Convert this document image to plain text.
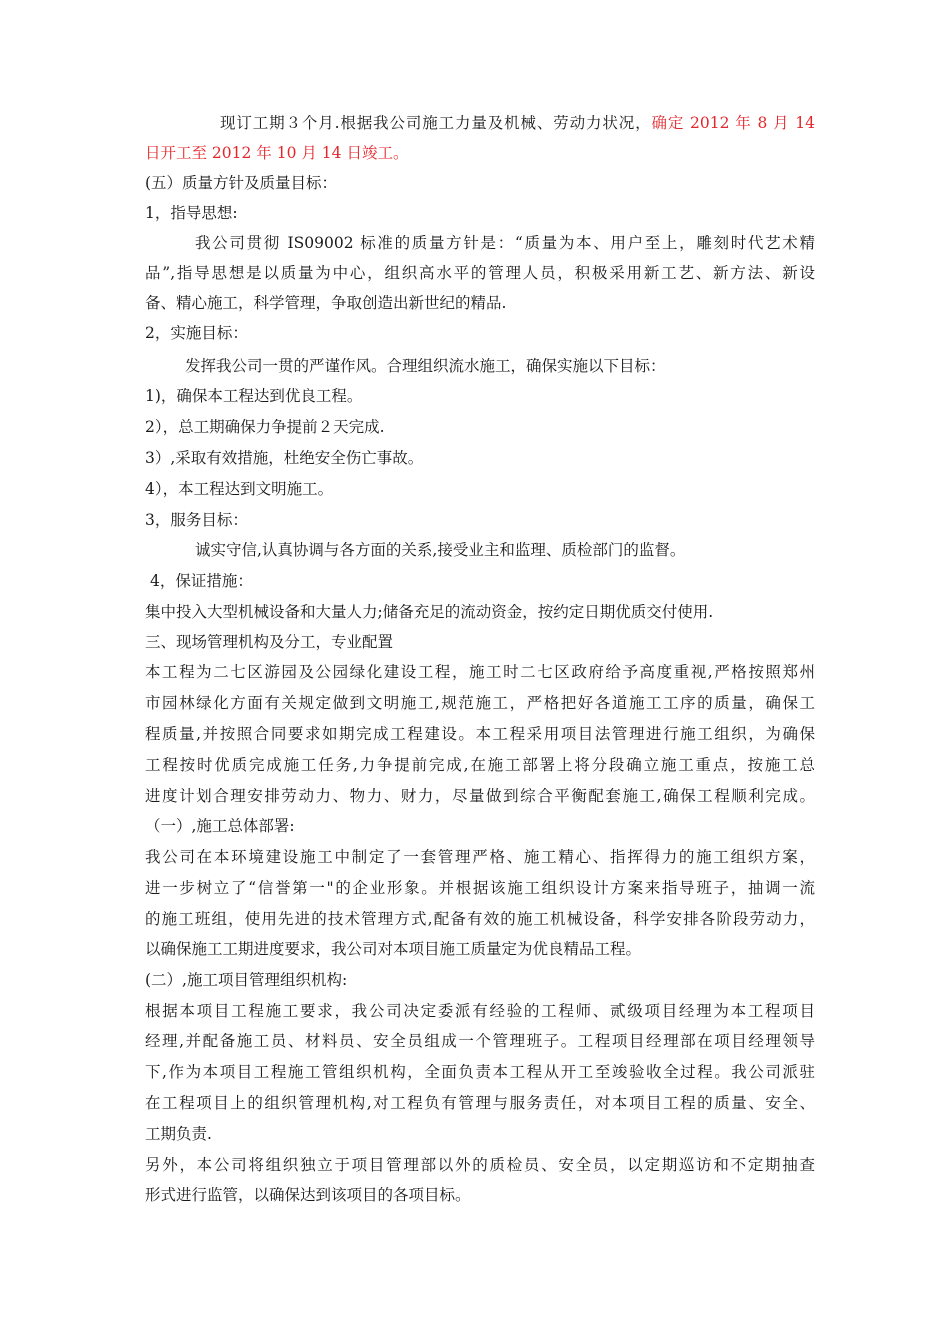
现订工期３个月.根据我公司施工力量及机械、劳动力状况，确定 2012 年 8 月 14
日开工至 2012 年 10 月 14 日竣工。
(五）质量方针及质量目标：
1，指导思想:
我公司贯彻 IS09002 标准的质量方针是：“质量为本、用户至上，雕刻时代艺术精
品”,指导思想是以质量为中心，组织高水平的管理人员，积极采用新工艺、新方法、新设
备、精心施工，科学管理，争取创造出新世纪的精品.
2，实施目标：
发挥我公司一贯的严谨作风。合理组织流水施工，确保实施以下目标：
1)，确保本工程达到优良工程。
2），总工期确保力争提前２天完成.
3）,采取有效措施，杜绝安全伤亡事故。
4），本工程达到文明施工。
3，服务目标：
诚实守信,认真协调与各方面的关系,接受业主和监理、质检部门的监督。
4，保证措施：
集中投入大型机械设备和大量人力;储备充足的流动资金，按约定日期优质交付使用.
三、现场管理机构及分工，专业配置
本工程为二七区游园及公园绿化建设工程，施工时二七区政府给予高度重视,严格按照郑州
市园林绿化方面有关规定做到文明施工,规范施工，严格把好各道施工工序的质量，确保工
程质量,并按照合同要求如期完成工程建设。本工程采用项目法管理进行施工组织，为确保
工程按时优质完成施工任务,力争提前完成,在施工部署上将分段确立施工重点，按施工总
进度计划合理安排劳动力、物力、财力，尽量做到综合平衡配套施工,确保工程顺利完成。
（一）,施工总体部署:
我公司在本环境建设施工中制定了一套管理严格、施工精心、指挥得力的施工组织方案，
进一步树立了“信誉第一"的企业形象。并根据该施工组织设计方案来指导班子，抽调一流
的施工班组，使用先进的技术管理方式,配备有效的施工机械设备，科学安排各阶段劳动力，
以确保施工工期进度要求，我公司对本项目施工质量定为优良精品工程。
(二）,施工项目管理组织机构:
根据本项目工程施工要求，我公司决定委派有经验的工程师、贰级项目经理为本工程项目
经理,并配备施工员、材料员、安全员组成一个管理班子。工程项目经理部在项目经理领导
下,作为本项目工程施工管组织机构，全面负责本工程从开工至竣验收全过程。我公司派驻
在工程项目上的组织管理机构,对工程负有管理与服务责任，对本项目工程的质量、安全、
工期负责.
另外，本公司将组织独立于项目管理部以外的质检员、安全员，以定期巡访和不定期抽查
形式进行监管，以确保达到该项目的各项目标。
